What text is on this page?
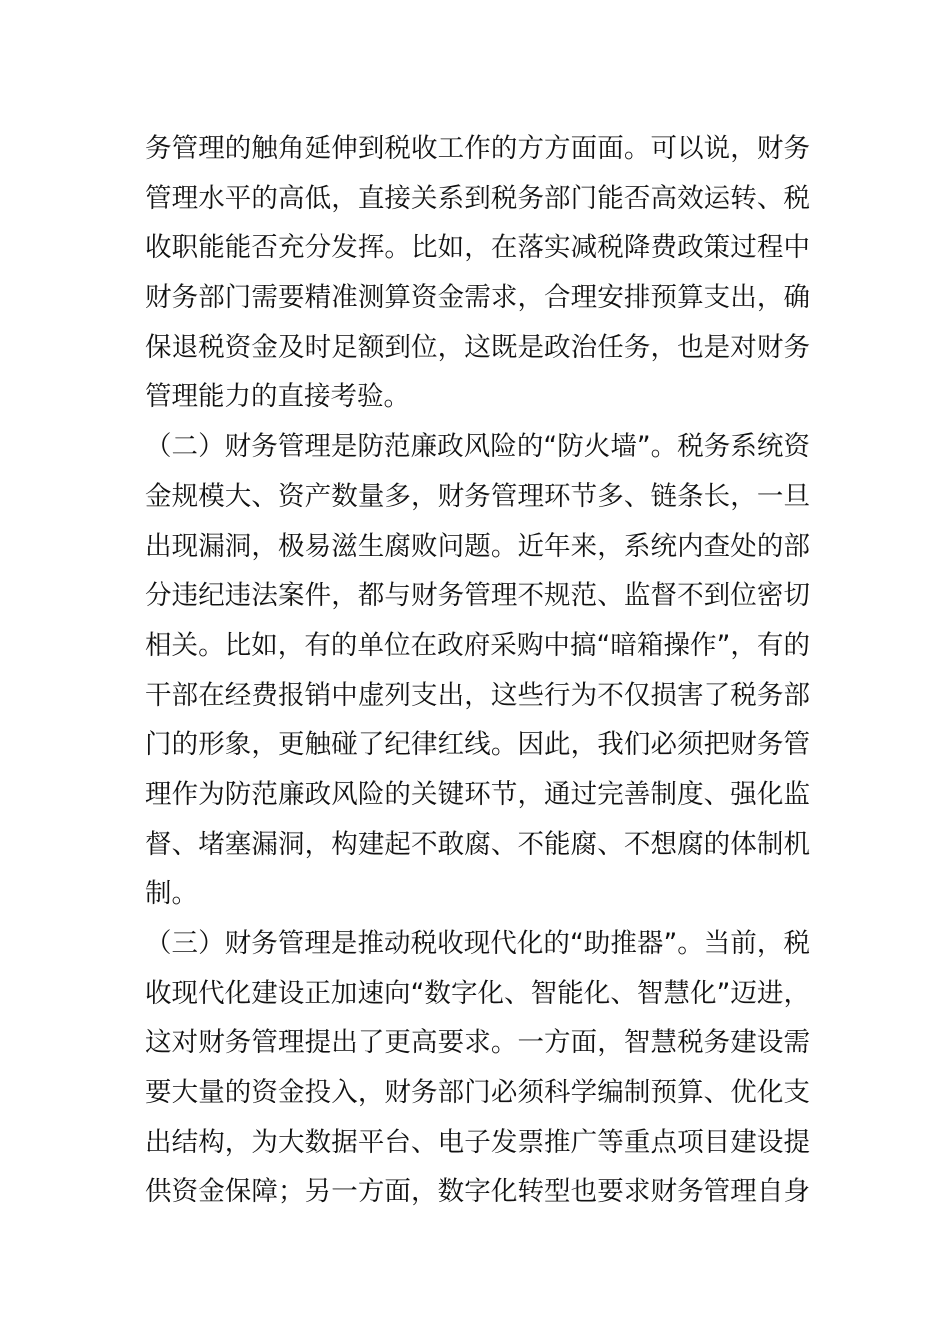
务管理的触角延伸到税收工作的方方面面。可以说，财务
管理水平的高低，直接关系到税务部门能否高效运转、税
收职能能否充分发挥。比如，在落实减税降费政策过程中
财务部门需要精准测算资金需求，合理安排预算支出，确
保退税资金及时足额到位，这既是政治任务，也是对财务
管理能力的直接考验。
（二）财务管理是防范廉政风险的“防火墙”。税务系统资
金规模大、资产数量多，财务管理环节多、链条长，一旦
出现漏洞，极易滋生腐败问题。近年来，系统内查处的部
分违纪违法案件，都与财务管理不规范、监督不到位密切
相关。比如，有的单位在政府采购中搞“暗箱操作”，有的
干部在经费报销中虚列支出，这些行为不仅损害了税务部
门的形象，更触碰了纪律红线。因此，我们必须把财务管
理作为防范廉政风险的关键环节，通过完善制度、强化监
督、堵塞漏洞，构建起不敢腐、不能腐、不想腐的体制机
制。
（三）财务管理是推动税收现代化的“助推器”。当前，税
收现代化建设正加速向“数字化、智能化、智慧化”迈进，
这对财务管理提出了更高要求。一方面，智慧税务建设需
要大量的资金投入，财务部门必须科学编制预算、优化支
出结构，为大数据平台、电子发票推广等重点项目建设提
供资金保障；另一方面，数字化转型也要求财务管理自身
